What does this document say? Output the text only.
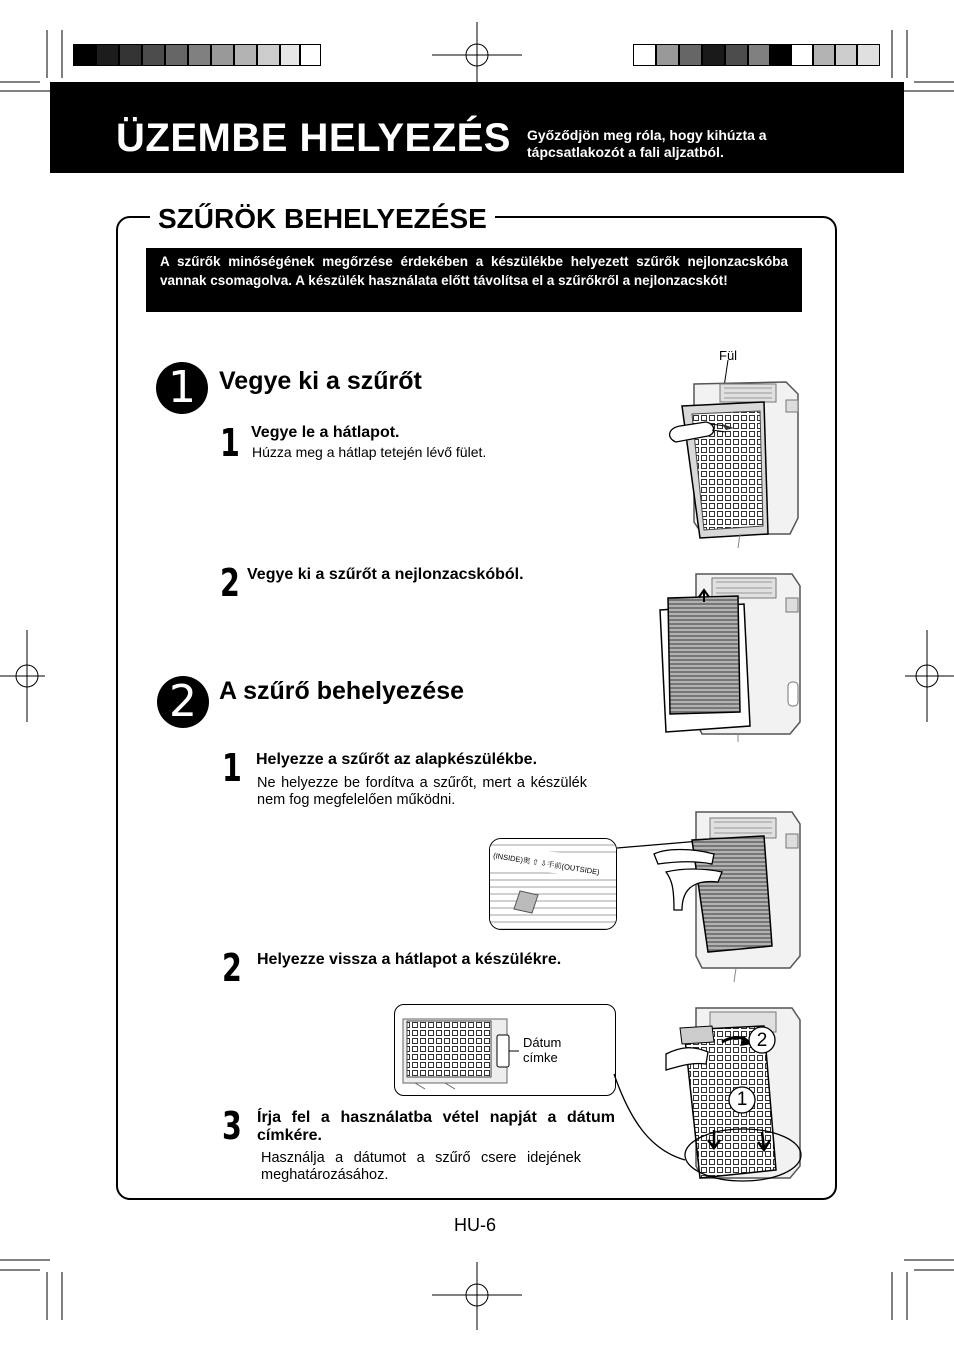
ÜZEMBE HELYEZÉS Győződjön meg róla, hogy kihúzta a tápcsatlakozót a fali aljzatból.
SZŰRÖK BEHELYEZÉSE
A szűrők minőségének megőrzése érdekében a készülékbe helyezett szűrők nejlonzacskóba vannak csomagolva. A készülék használata előtt távolítsa el a szűrőkről a nejlonzacskót!
1 Vegye ki a szűrőt
1 Vegye le a hátlapot.
Húzza meg a hátlap tetején lévő fület.
2 Vegye ki a szűrőt a nejlonzacskóból.
Fül
2 A szűrő behelyezése
1 Helyezze a szűrőt az alapkészülékbe.
Ne helyezze be fordítva a szűrőt, mert a készülék nem fog megfelelően működni.
(INSIDE)奥 ⇧ ⇩手前(OUTSIDE)
2 Helyezze vissza a hátlapot a készülékre.
Dátum címke
2
1
3 Írja fel a használatba vétel napját a dátum címkére.
Használja a dátumot a szűrő csere idejének meghatározásához.
HU-6
